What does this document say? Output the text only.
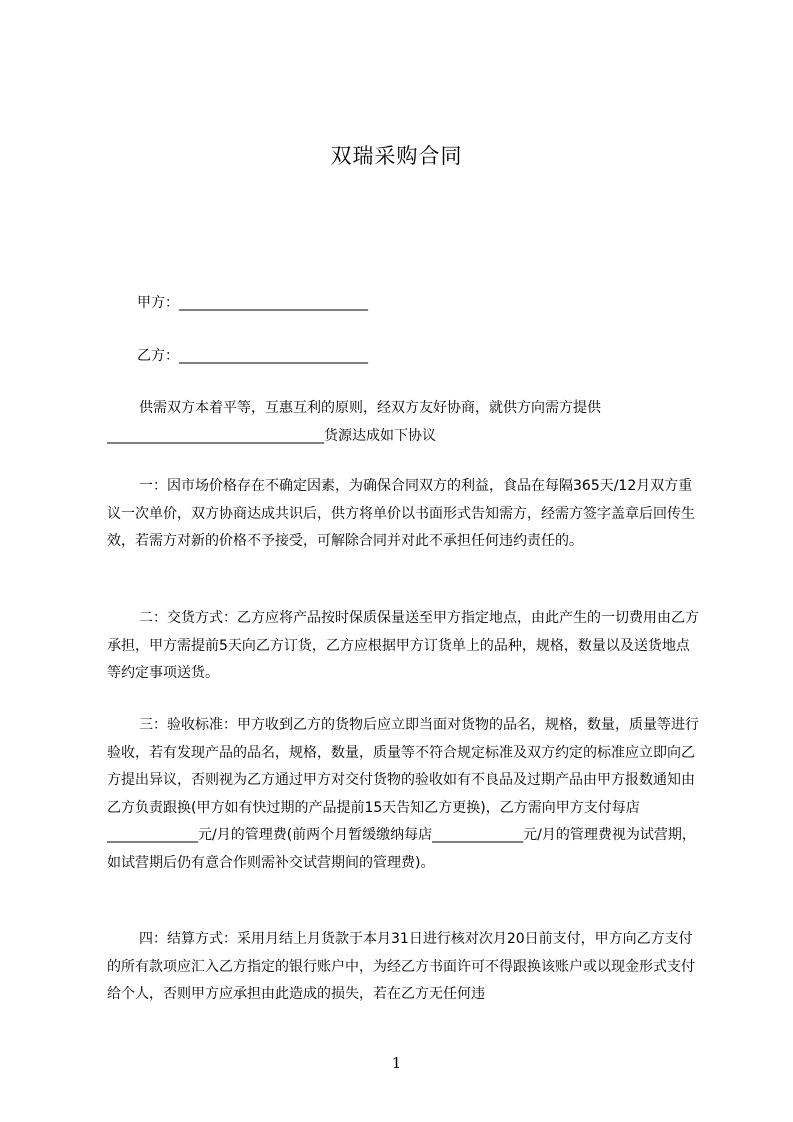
双瑞采购合同
甲方：___________________________
乙方：___________________________
供需双方本着平等，互惠互利的原则，经双方友好协商，就供方向需方提供_______________________________货源达成如下协议
一：因市场价格存在不确定因素，为确保合同双方的利益，食品在每隔365天/12月双方重议一次单价，双方协商达成共识后，供方将单价以书面形式告知需方，经需方签字盖章后回传生效，若需方对新的价格不予接受，可解除合同并对此不承担任何违约责任的。
二：交货方式：乙方应将产品按时保质保量送至甲方指定地点，由此产生的一切费用由乙方承担，甲方需提前5天向乙方订货，乙方应根据甲方订货单上的品种，规格，数量以及送货地点等约定事项送货。
三：验收标准：甲方收到乙方的货物后应立即当面对货物的品名，规格，数量，质量等进行验收，若有发现产品的品名，规格，数量，质量等不符合规定标准及双方约定的标准应立即向乙方提出异议，否则视为乙方通过甲方对交付货物的验收如有不良品及过期产品由甲方报数通知由乙方负责跟换(甲方如有快过期的产品提前15天告知乙方更换)，乙方需向甲方支付每店_____________元/月的管理费(前两个月暂缓缴纳每店_____________元/月的管理费视为试营期，如试营期后仍有意合作则需补交试营期间的管理费)。
四：结算方式：采用月结上月货款于本月31日进行核对次月20日前支付，甲方向乙方支付的所有款项应汇入乙方指定的银行账户中，为经乙方书面许可不得跟换该账户或以现金形式支付给个人，否则甲方应承担由此造成的损失，若在乙方无任何违
1
